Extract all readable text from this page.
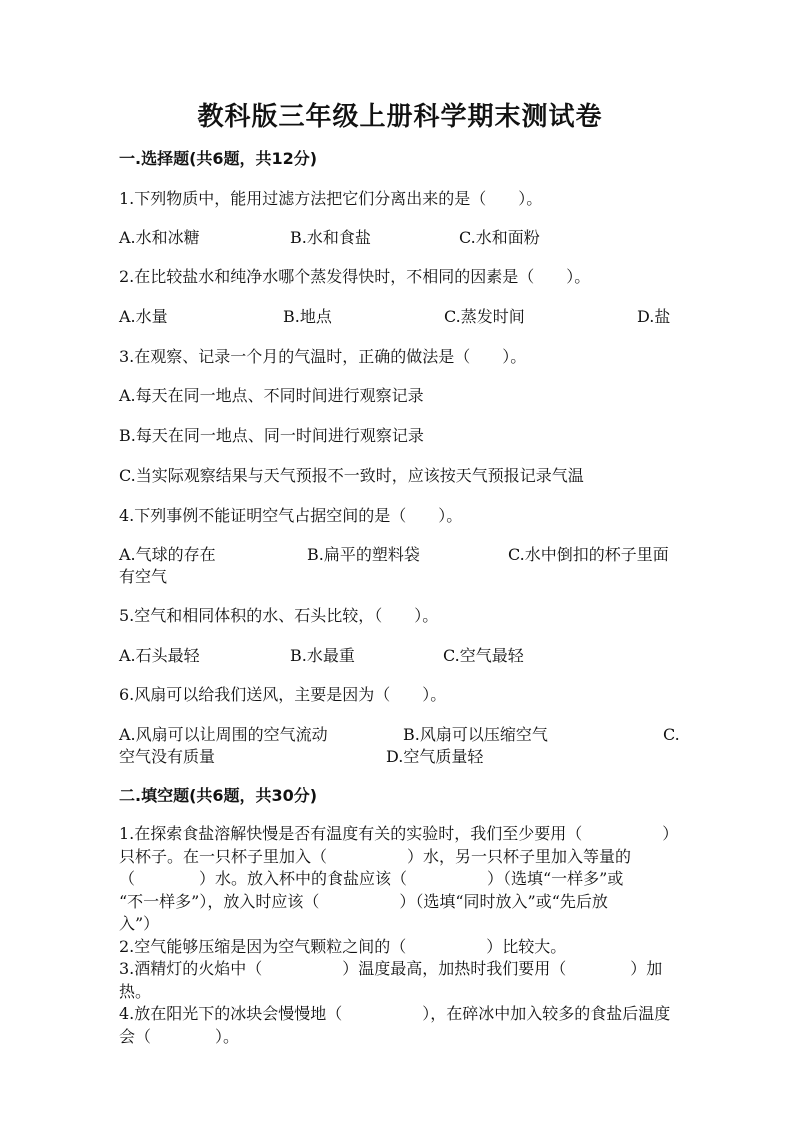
教科版三年级上册科学期末测试卷
一.选择题(共6题，共12分)
1.下列物质中，能用过滤方法把它们分离出来的是（　　）。
A.水和冰糖	B.水和食盐	C.水和面粉
2.在比较盐水和纯净水哪个蒸发得快时，不相同的因素是（　　）。
A.水量	B.地点	C.蒸发时间	D.盐
3.在观察、记录一个月的气温时，正确的做法是（　　）。
A.每天在同一地点、不同时间进行观察记录
B.每天在同一地点、同一时间进行观察记录
C.当实际观察结果与天气预报不一致时，应该按天气预报记录气温
4.下列事例不能证明空气占据空间的是（　　）。
A.气球的存在	B.扁平的塑料袋	C.水中倒扣的杯子里面
有空气
5.空气和相同体积的水、石头比较，（　　）。
A.石头最轻	B.水最重	C.空气最轻
6.风扇可以给我们送风，主要是因为（　　）。
A.风扇可以让周围的空气流动	B.风扇可以压缩空气	C.
空气没有质量	D.空气质量轻
二.填空题(共6题，共30分)

1.在探索食盐溶解快慢是否有温度有关的实验时，我们至少要用（　　　　　）

只杯子。在一只杯子里加入（　　　　　）水，另一只杯子里加入等量的

（　　　　）水。放入杯中的食盐应该（　　　　　）（选填“一样多”或

“不一样多”），放入时应该（　　　　　）（选填“同时放入”或“先后放

入”）

2.空气能够压缩是因为空气颗粒之间的（　　　　　）比较大。

3.酒精灯的火焰中（　　　　　）温度最高，加热时我们要用（　　　　）加

热。

4.放在阳光下的冰块会慢慢地（　　　　　），在碎冰中加入较多的食盐后温度

会（　　　　）。
